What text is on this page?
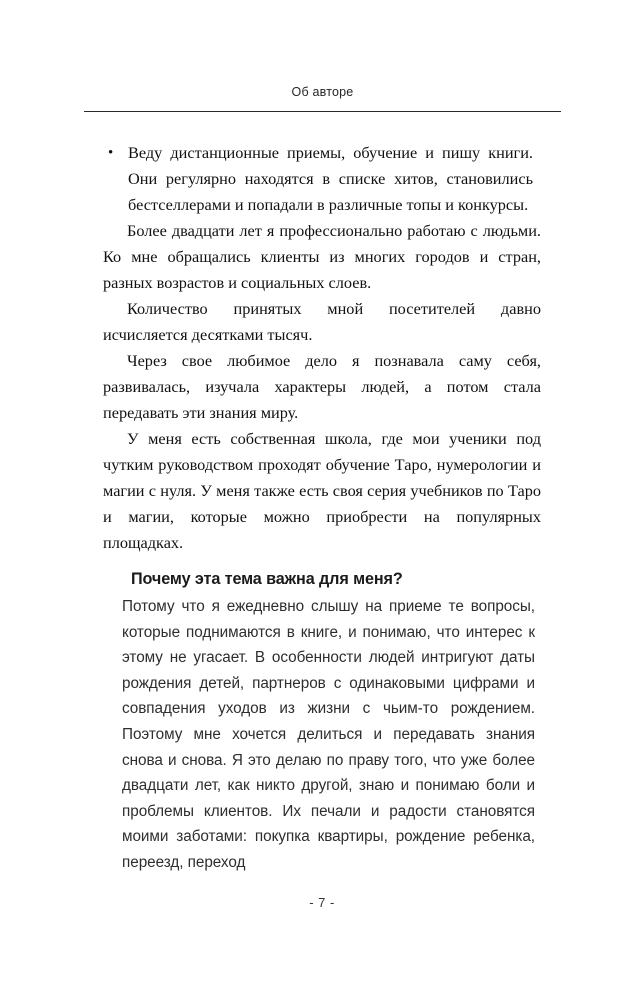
Об авторе
• Веду дистанционные приемы, обучение и пишу книги. Они регулярно находятся в списке хитов, становились бестселлерами и попадали в различные топы и конкурсы.

Более двадцати лет я профессионально работаю с людьми. Ко мне обращались клиенты из многих городов и стран, разных возрастов и социальных слоев.

Количество принятых мной посетителей давно исчисляется десятками тысяч.

Через свое любимое дело я познавала саму себя, развивалась, изучала характеры людей, а потом стала передавать эти знания миру.

У меня есть собственная школа, где мои ученики под чутким руководством проходят обучение Таро, нумерологии и магии с нуля. У меня также есть своя серия учебников по Таро и магии, которые можно приобрести на популярных площадках.

Почему эта тема важна для меня?

Потому что я ежедневно слышу на приеме те вопросы, которые поднимаются в книге, и понимаю, что интерес к этому не угасает. В особенности людей интригуют даты рождения детей, партнеров с одинаковыми цифрами и совпадения уходов из жизни с чьим-то рождением. Поэтому мне хочется делиться и передавать знания снова и снова. Я это делаю по праву того, что уже более двадцати лет, как никто другой, знаю и понимаю боли и проблемы клиентов. Их печали и радости становятся моими заботами: покупка квартиры, рождение ребенка, переезд, переход

- 7 -
